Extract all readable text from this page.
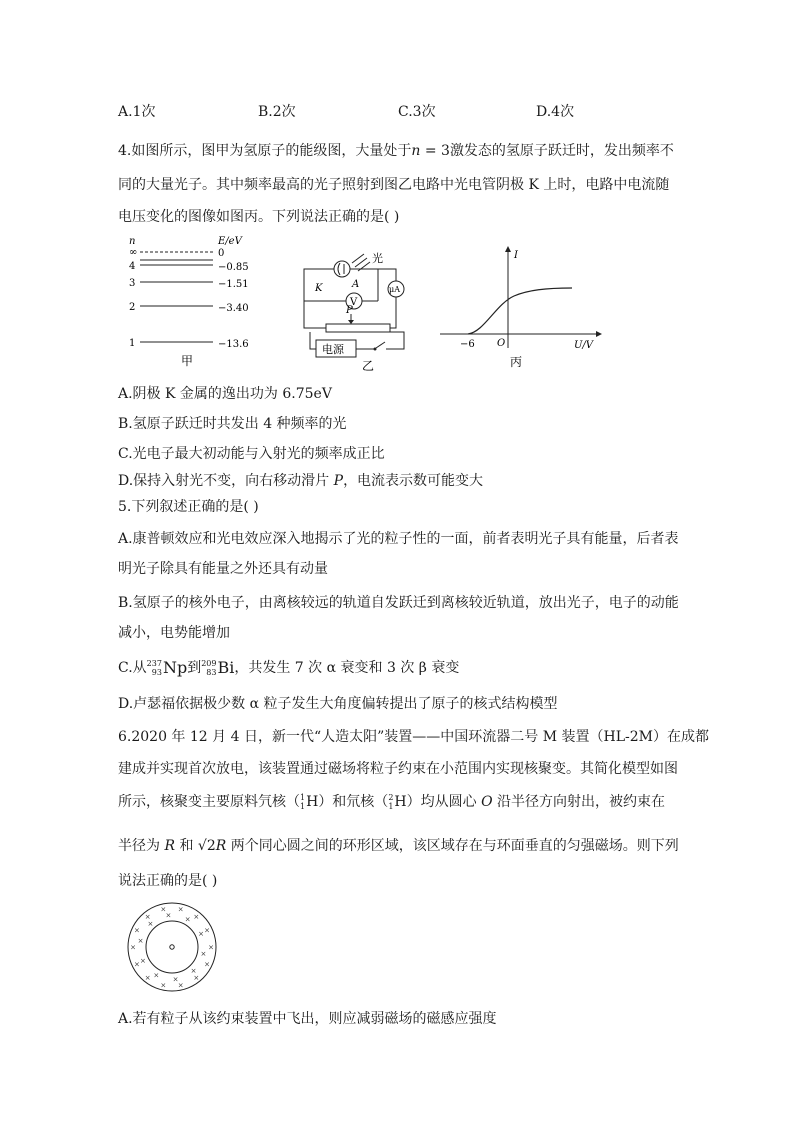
A.1次	B.2次	C.3次	D.4次
4.如图所示，图甲为氢原子的能级图，大量处于n = 3激发态的氢原子跃迁时，发出频率不
同的大量光子。其中频率最高的光子照射到图乙电路中光电管阴极 K 上时，电路中电流随
电压变化的图像如图丙。下列说法正确的是( )
n	E/eV
∞	0
4	−0.85
3	−1.51
2	−3.40
1	−13.6
甲
光
K	A
V
μA
P
电源
乙
I
U/V
−6 O
丙
A.阴极 K 金属的逸出功为 6.75eV
B.氢原子跃迁时共发出 4 种频率的光
C.光电子最大初动能与入射光的频率成正比
D.保持入射光不变，向右移动滑片 P，电流表示数可能变大
5.下列叙述正确的是( )
A.康普顿效应和光电效应深入地揭示了光的粒子性的一面，前者表明光子具有能量，后者表
明光子除具有能量之外还具有动量
B.氢原子的核外电子，由离核较远的轨道自发跃迁到离核较近轨道，放出光子，电子的动能
减小，电势能增加
C.从 237
93 Np到 209
83 Bi，共发生 7 次 α 衰变和 3 次 β 衰变
D.卢瑟福依据极少数 α 粒子发生大角度偏转提出了原子的核式结构模型
6.2020 年 12 月 4 日，新一代“人造太阳”装置——中国环流器二号 M 装置（HL-2M）在成都
建成并实现首次放电，该装置通过磁场将粒子约束在小范围内实现核聚变。其简化模型如图
所示，核聚变主要原料氕核（ 1
1 H）和氘核（ 2
1 H）均从圆心 O 沿半径方向射出，被约束在
半径为 R 和 √2R 两个同心圆之间的环形区域，该区域存在与环面垂直的匀强磁场。则下列
说法正确的是( )
×
×
×
×
×
×
×
× ×
×
×
×
×
×
×
×
×
×
×
×
× ×
×
×
A.若有粒子从该约束装置中飞出，则应减弱磁场的磁感应强度
